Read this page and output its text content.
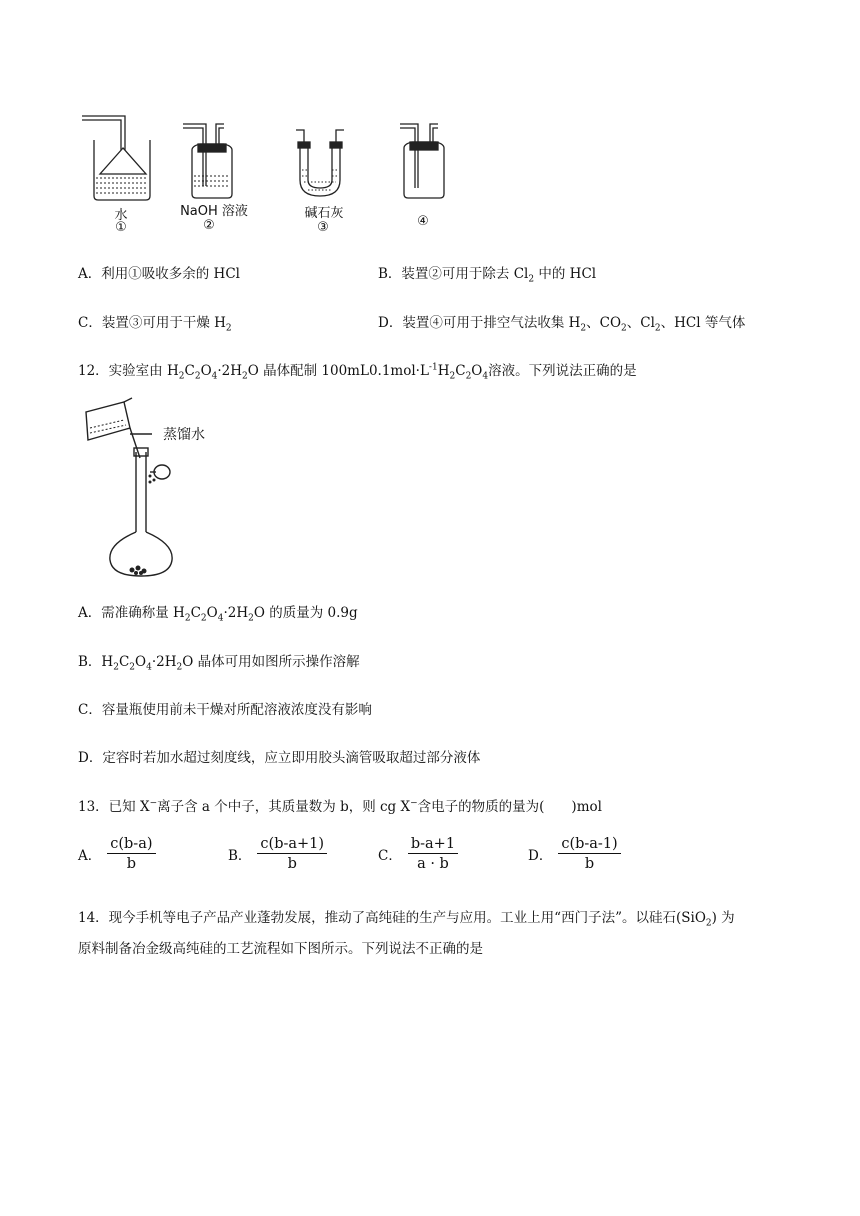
水
①
NaOH 溶液
②
碱石灰
③	④
A．利用①吸收多余的 HCl	B．装置②可用于除去 $Cl_2$ 中的 HCl
C．装置③可用于干燥 $H_2$	D．装置④可用于排空气法收集 $H_2$、$CO_2$、$Cl_2$、HCl 等气体
12．实验室由 $H_2C_2O_4\cdot 2H_2O$ 晶体配制 $100mL0.1mol\cdot L^{-1}H_2C_2O_4$溶液。下列说法正确的是
蒸馏水
A．需准确称量 $H_2C_2O_4\cdot 2H_2O$ 的质量为 0.9g
B．$H_2C_2O_4\cdot 2H_2O$ 晶体可用如图所示操作溶解
C．容量瓶使用前未干燥对所配溶液浓度没有影响
D．定容时若加水超过刻度线，应立即用胶头滴管吸取超过部分液体
13．已知 X−离子含 a 个中子，其质量数为 b，则 cg X−含电子的物质的量为(　　)mol
A． $\frac{c(b-a)}{b}$	B． $\frac{c(b-a+1)}{b}$	C． $\frac{b-a+1}{a \cdot b}$	D． $\frac{c(b-a-1)}{b}$
14．现今手机等电子产品产业蓬勃发展，推动了高纯硅的生产与应用。工业上用“西门子法”。以硅石(SiO$_2$) 为
原料制备冶金级高纯硅的工艺流程如下图所示。下列说法不正确的是
